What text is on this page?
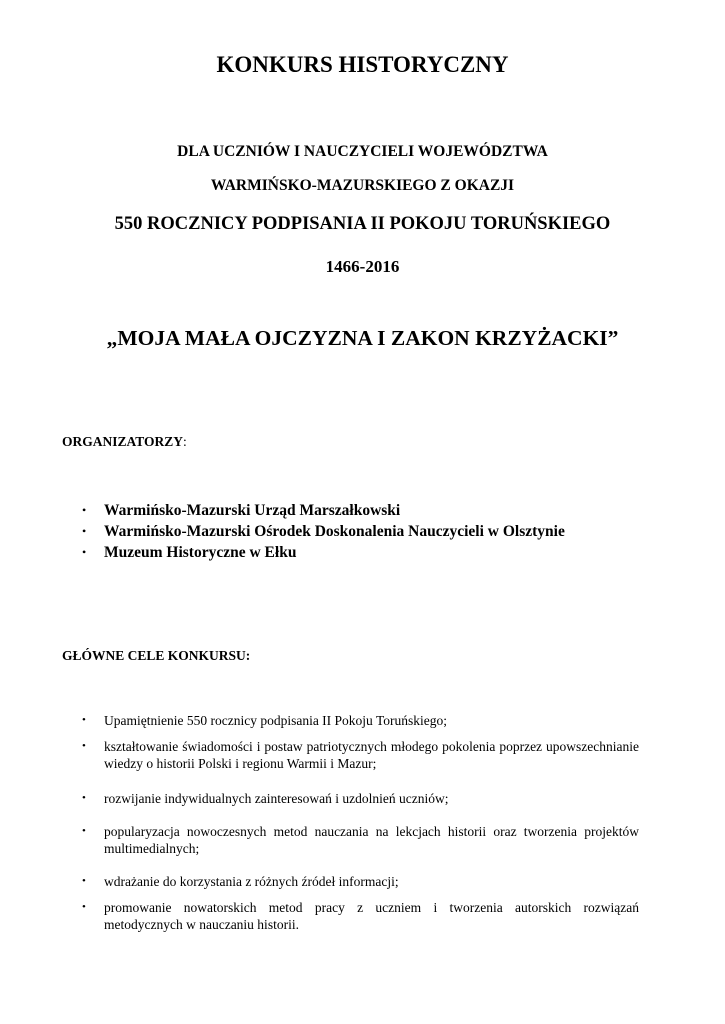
KONKURS HISTORYCZNY
DLA UCZNIÓW I NAUCZYCIELI WOJEWÓDZTWA
WARMIŃSKO-MAZURSKIEGO Z OKAZJI
550 ROCZNICY PODPISANIA II POKOJU TORUŃSKIEGO
1466-2016
„MOJA MAŁA OJCZYZNA I ZAKON KRZYŻACKI”
ORGANIZATORZY:
• Warmińsko-Mazurski Urząd Marszałkowski
• Warmińsko-Mazurski Ośrodek Doskonalenia Nauczycieli w Olsztynie
• Muzeum Historyczne w Ełku
GŁÓWNE CELE KONKURSU:
• Upamiętnienie 550 rocznicy podpisania II Pokoju Toruńskiego;
• kształtowanie świadomości i postaw patriotycznych młodego pokolenia poprzez upowszechnianie wiedzy o historii Polski i regionu Warmii i Mazur;
• rozwijanie indywidualnych zainteresowań i uzdolnień uczniów;
• popularyzacja nowoczesnych metod nauczania na lekcjach historii oraz tworzenia projektów multimedialnych;
• wdrażanie do korzystania z różnych źródeł informacji;
• promowanie nowatorskich metod pracy z uczniem i tworzenia autorskich rozwiązań metodycznych w nauczaniu historii.
